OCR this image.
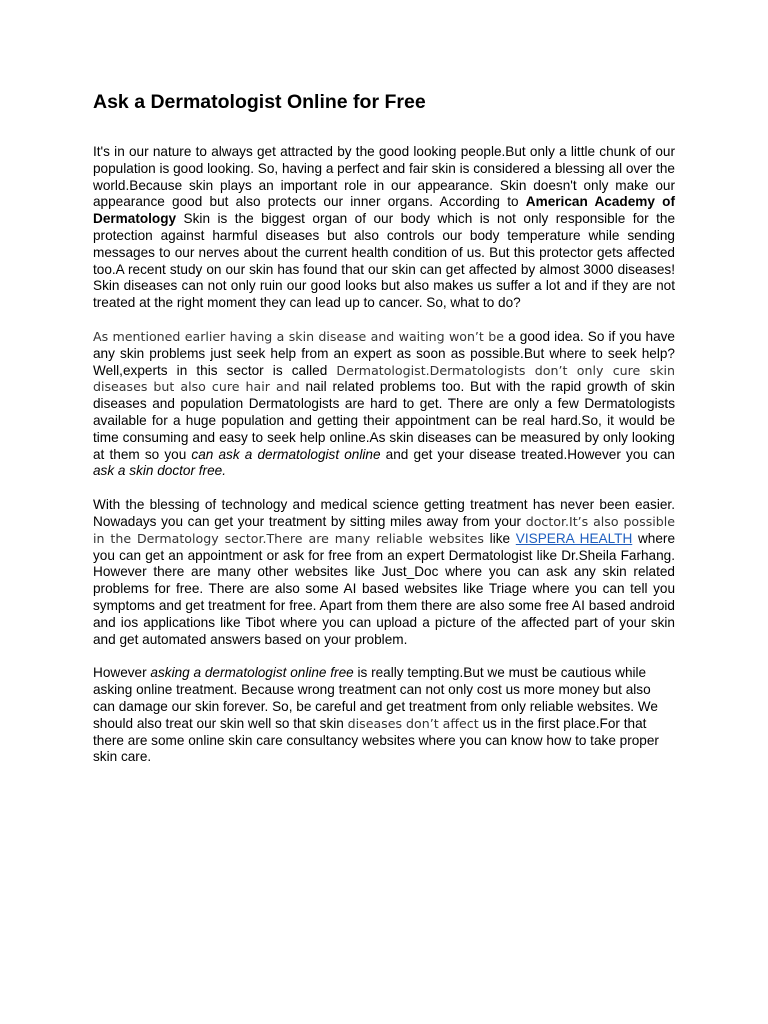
Ask a Dermatologist Online for Free

It's in our nature to always get attracted by the good looking people.But only a little chunk of our population is good looking. So, having a perfect and fair skin is considered a blessing all over the world.Because skin plays an important role in our appearance. Skin doesn't only make our appearance good but also protects our inner organs. According to American Academy of Dermatology Skin is the biggest organ of our body which is not only responsible for the protection against harmful diseases but also controls our body temperature while sending messages to our nerves about the current health condition of us. But this protector gets affected too.A recent study on our skin has found that our skin can get affected by almost 3000 diseases! Skin diseases can not only ruin our good looks but also makes us suffer a lot and if they are not treated at the right moment they can lead up to cancer. So, what to do?

As mentioned earlier having a skin disease and waiting won’t be a good idea. So if you have any skin problems just seek help from an expert as soon as possible.But where to seek help?Well,experts in this sector is called Dermatologist.Dermatologists don’t only cure skin diseases but also cure hair and nail related problems too. But with the rapid growth of skin diseases and population Dermatologists are hard to get. There are only a few Dermatologists available for a huge population and getting their appointment can be real hard.So, it would be time consuming and easy to seek help online.As skin diseases can be measured by only looking at them so you can ask a dermatologist online and get your disease treated.However you can ask a skin doctor free.

With the blessing of technology and medical science getting treatment has never been easier. Nowadays you can get your treatment by sitting miles away from your doctor.It’s also possible in the Dermatology sector.There are many reliable websites like VISPERA HEALTH where you can get an appointment or ask for free from an expert Dermatologist like Dr.Sheila Farhang. However there are many other websites like Just_Doc where you can ask any skin related problems for free. There are also some AI based websites like Triage where you can tell you symptoms and get treatment for free. Apart from them there are also some free AI based android and ios applications like Tibot where you can upload a picture of the affected part of your skin and get automated answers based on your problem.

However asking a dermatologist online free is really tempting.But we must be cautious while asking online treatment. Because wrong treatment can not only cost us more money but also can damage our skin forever. So, be careful and get treatment from only reliable websites. We should also treat our skin well so that skin diseases don’t affect us in the first place.For that there are some online skin care consultancy websites where you can know how to take proper skin care.
